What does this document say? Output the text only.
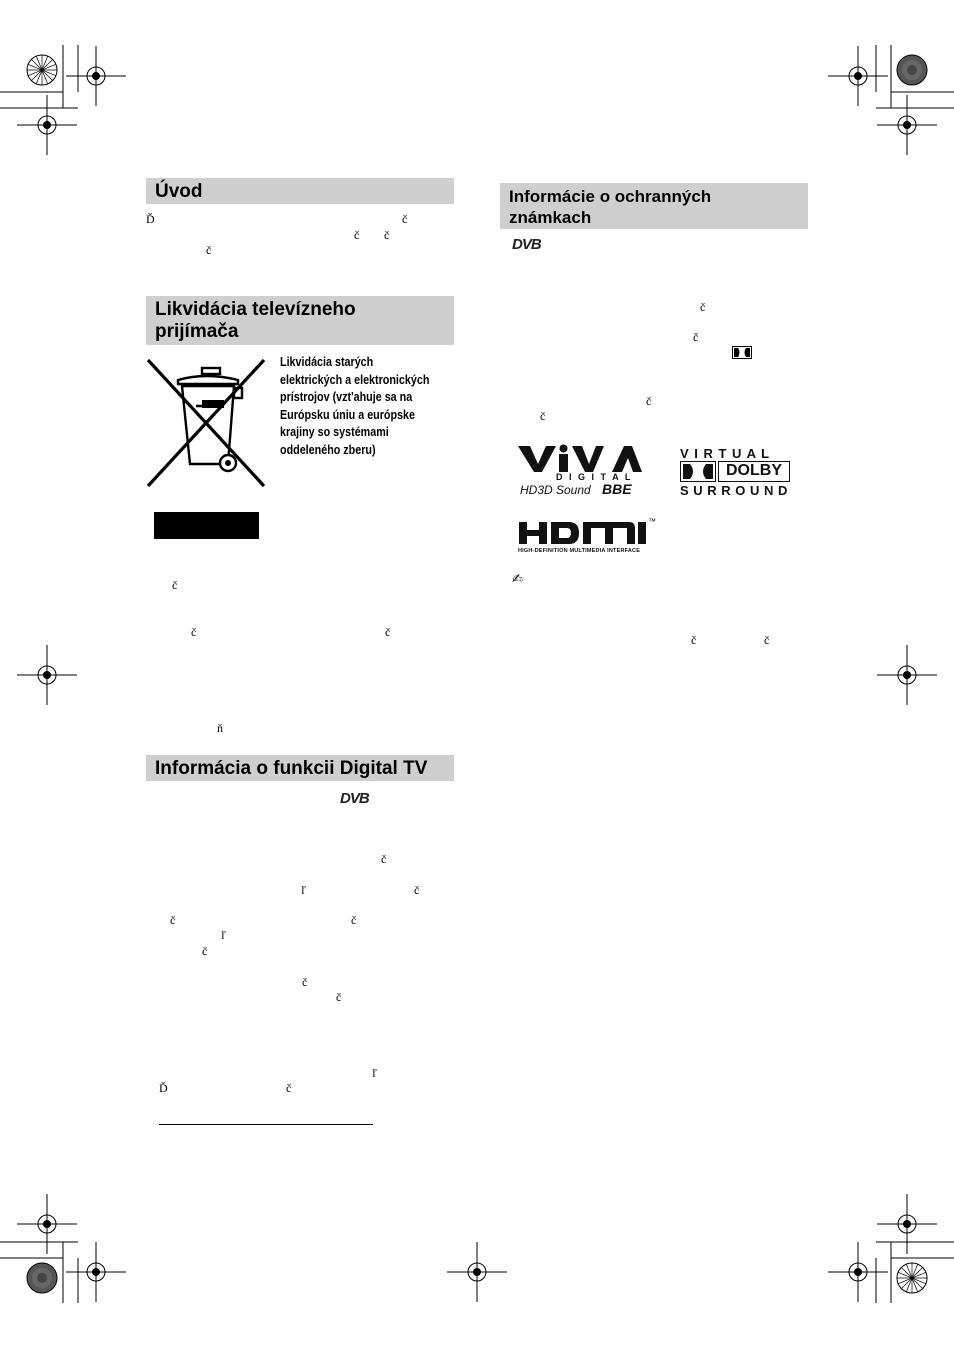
Úvod
Ď	č
č č
č
Likvidácia televízneho
prijímača
Likvidácia starých
elektrických a elektronických
prístrojov (vzt'ahuje sa na
Európsku úniu a európske
krajiny so systémami
oddeleného zberu)
č
č	č
ň
Informácia o funkcii Digital TV
DVB
č
ľ	č
č	č
ľ
č
č
č
ľ
Ď	č
Informácie o ochranných
známkach
DVB
č
č
č
č
D I G I T A L
HD3D Sound BBE
V I R T U A L
DOLBY
S U R R O U N D
™
HIGH-DEFINITION MULTIMEDIA INTERFACE
✍
č	č
